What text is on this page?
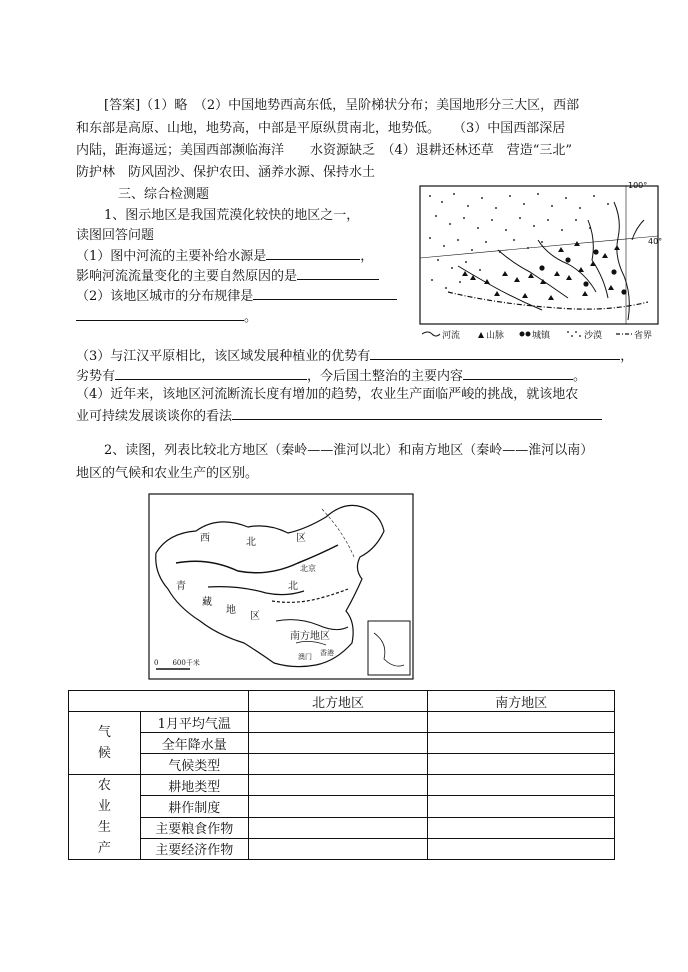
[答案]（1）略　（2）中国地势西高东低，呈阶梯状分布；美国地形分三大区，西部
和东部是高原、山地，地势高，中部是平原纵贯南北，地势低。　　（3）中国西部深居
内陆，距海遥远；美国西部濒临海洋　　水资源缺乏　（4）退耕还林还草　营造“三北”
防护林　防风固沙、保护农田、涵养水源、保持水土
三、综合检测题
1、图示地区是我国荒漠化较快的地区之一，
读图回答问题
（1）图中河流的主要补给水源是	，
影响河流流量变化的主要自然原因的是
（2）该地区城市的分布规律是
。
100°
40°
河流	山脉	城镇	沙漠	省界
（3）与江汉平原相比，该区域发展种植业的优势有	，
劣势有	，今后国土整治的主要内容	。
（4）近年来，该地区河流断流长度有增加的趋势，农业生产面临严峻的挑战，就该地农
业可持续发展谈谈你的看法
2、读图，列表比较北方地区（秦岭——淮河以北）和南方地区（秦岭——淮河以南）
地区的气候和农业生产的区别。
西	北	区
青
藏
地
区
北京
北
南方地区
澳门 香港
0　　600千米
		北方地区	南方地区

气
候	1月平均气温		
	全年降水量		
	气候类型		

农
业
生
产	耕地类型		
	耕作制度		
	主要粮食作物		
	主要经济作物		
